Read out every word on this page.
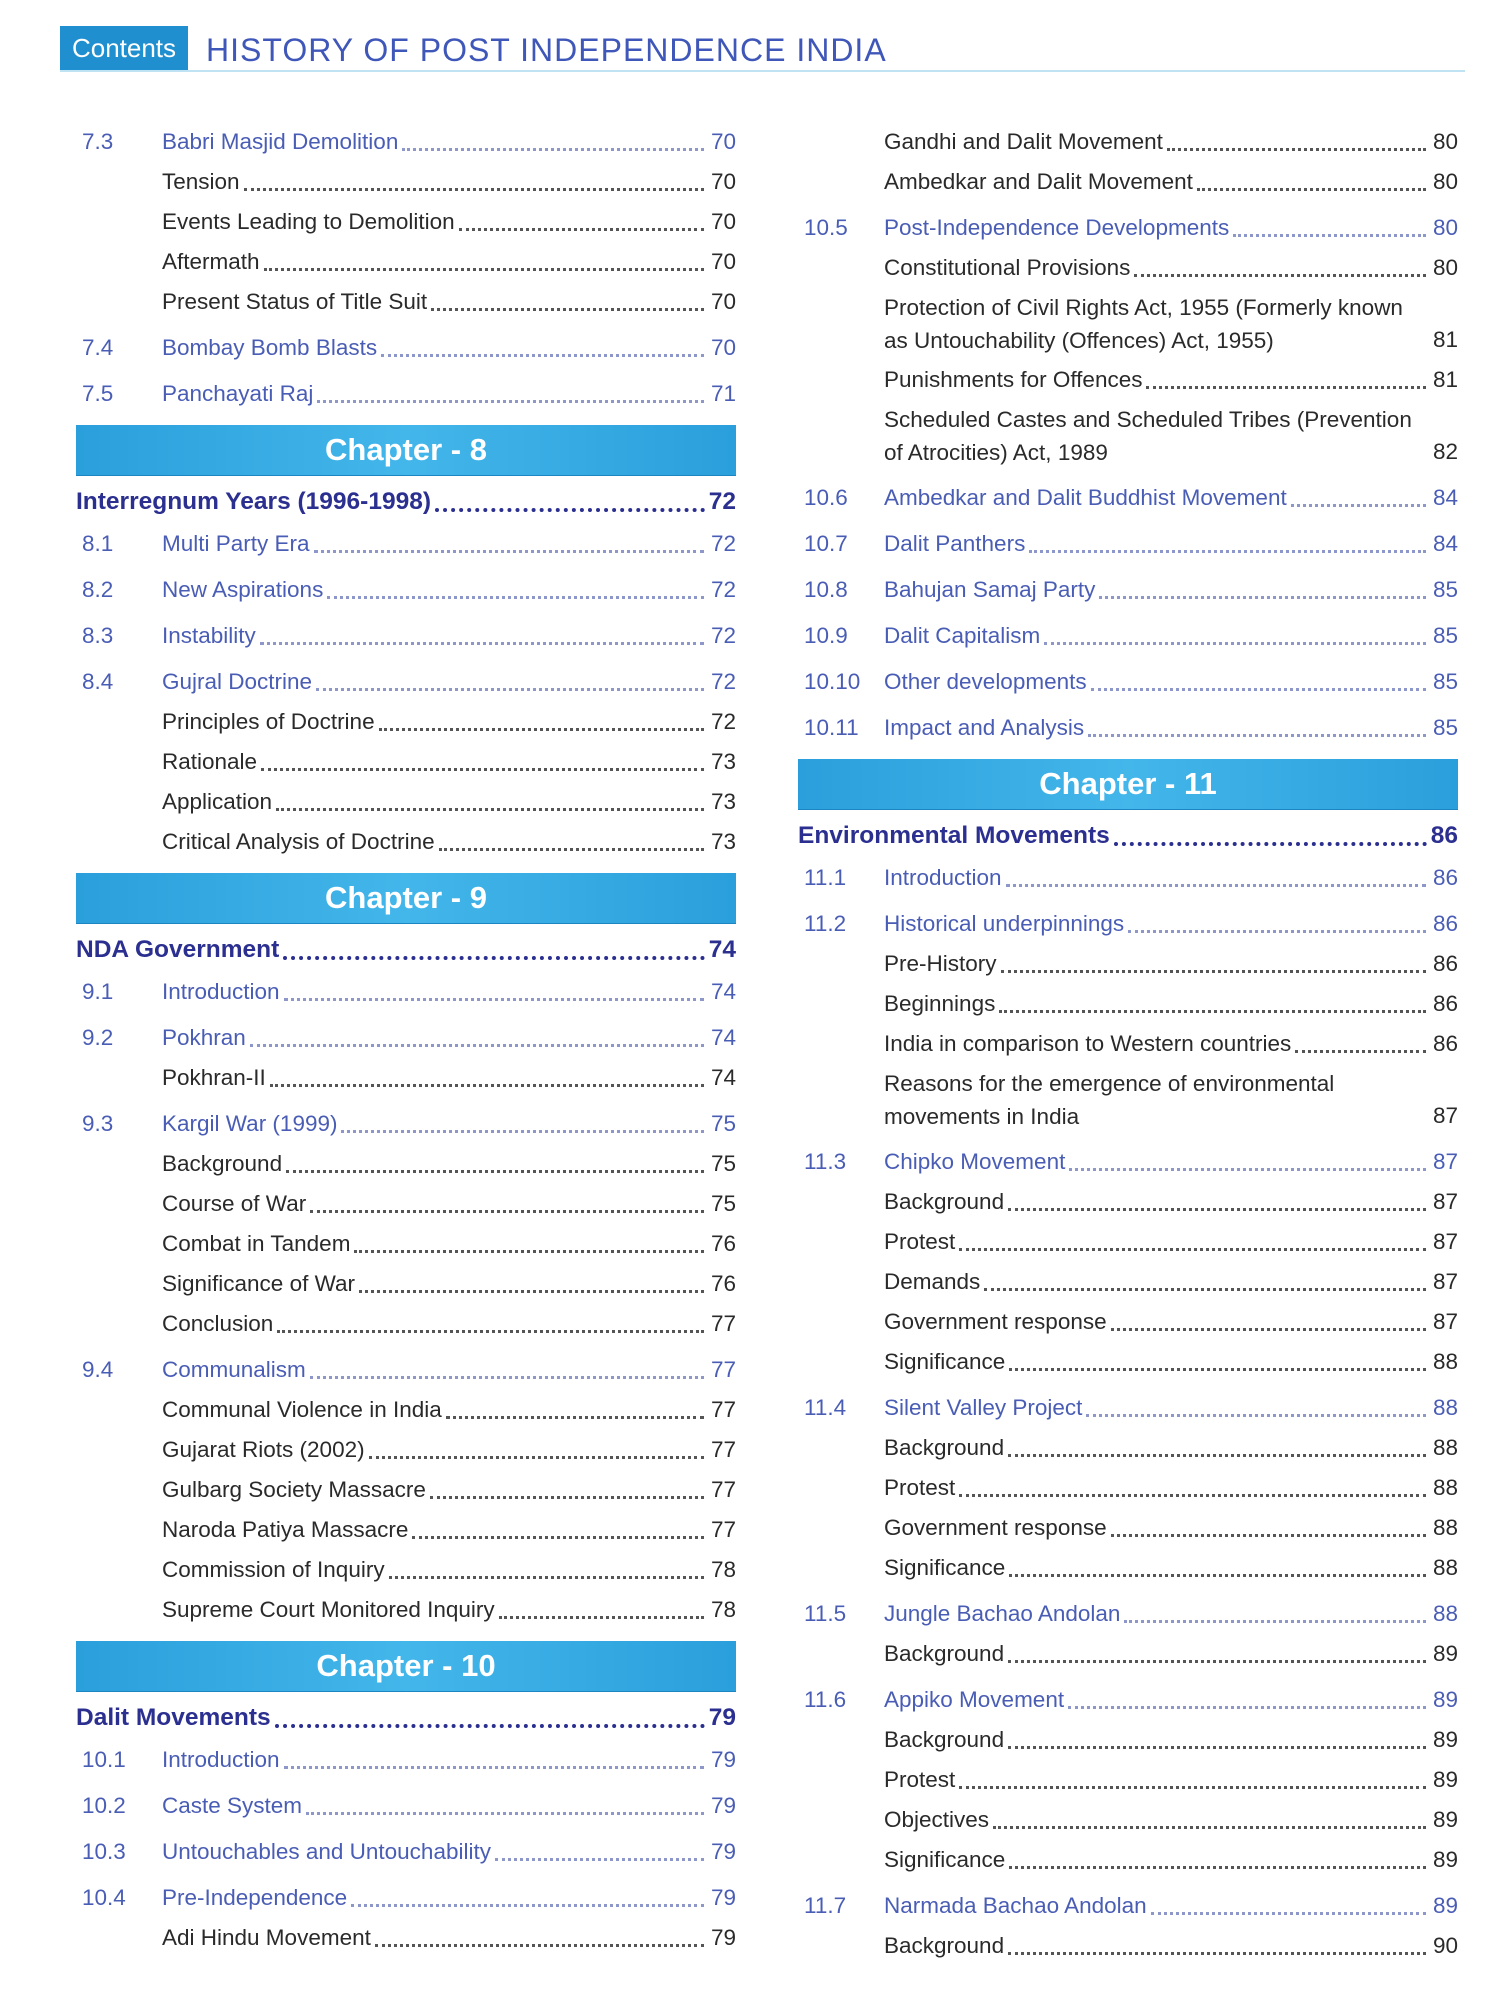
Contents HISTORY OF POST INDEPENDENCE INDIA
7.3 Babri Masjid Demolition	70
Tension	70
Events Leading to Demolition	70
Aftermath	70
Present Status of Title Suit	70
7.4 Bombay Bomb Blasts	70
7.5 Panchayati Raj	71
Chapter - 8
Interregnum Years (1996-1998)	72
8.1 Multi Party Era	72
8.2 New Aspirations	72
8.3 Instability	72
8.4 Gujral Doctrine	72
Principles of Doctrine	72
Rationale	73
Application	73
Critical Analysis of Doctrine	73
Chapter - 9
NDA Government	74
9.1 Introduction	74
9.2 Pokhran	74
Pokhran-II	74
9.3 Kargil War (1999)	75
Background	75
Course of War	75
Combat in Tandem	76
Significance of War	76
Conclusion	77
9.4 Communalism	77
Communal Violence in India	77
Gujarat Riots (2002)	77
Gulbarg Society Massacre	77
Naroda Patiya Massacre	77
Commission of Inquiry	78
Supreme Court Monitored Inquiry	78
Chapter - 10
Dalit Movements	79
10.1 Introduction	79
10.2 Caste System	79
10.3 Untouchables and Untouchability	79
10.4 Pre-Independence	79
Adi Hindu Movement	79
Gandhi and Dalit Movement	80
Ambedkar and Dalit Movement	80
10.5 Post-Independence Developments	80
Constitutional Provisions	80
Protection of Civil Rights Act, 1955 (Formerly known as Untouchability (Offences) Act, 1955)	81
Punishments for Offences	81
Scheduled Castes and Scheduled Tribes (Prevention of Atrocities) Act, 1989	82
10.6 Ambedkar and Dalit Buddhist Movement	84
10.7 Dalit Panthers	84
10.8 Bahujan Samaj Party	85
10.9 Dalit Capitalism	85
10.10 Other developments	85
10.11 Impact and Analysis	85
Chapter - 11
Environmental Movements	86
11.1 Introduction	86
11.2 Historical underpinnings	86
Pre-History	86
Beginnings	86
India in comparison to Western countries	86
Reasons for the emergence of environmental movements in India	87
11.3 Chipko Movement	87
Background	87
Protest	87
Demands	87
Government response	87
Significance	88
11.4 Silent Valley Project	88
Background	88
Protest	88
Government response	88
Significance	88
11.5 Jungle Bachao Andolan	88
Background	89
11.6 Appiko Movement	89
Background	89
Protest	89
Objectives	89
Significance	89
11.7 Narmada Bachao Andolan	89
Background	90
